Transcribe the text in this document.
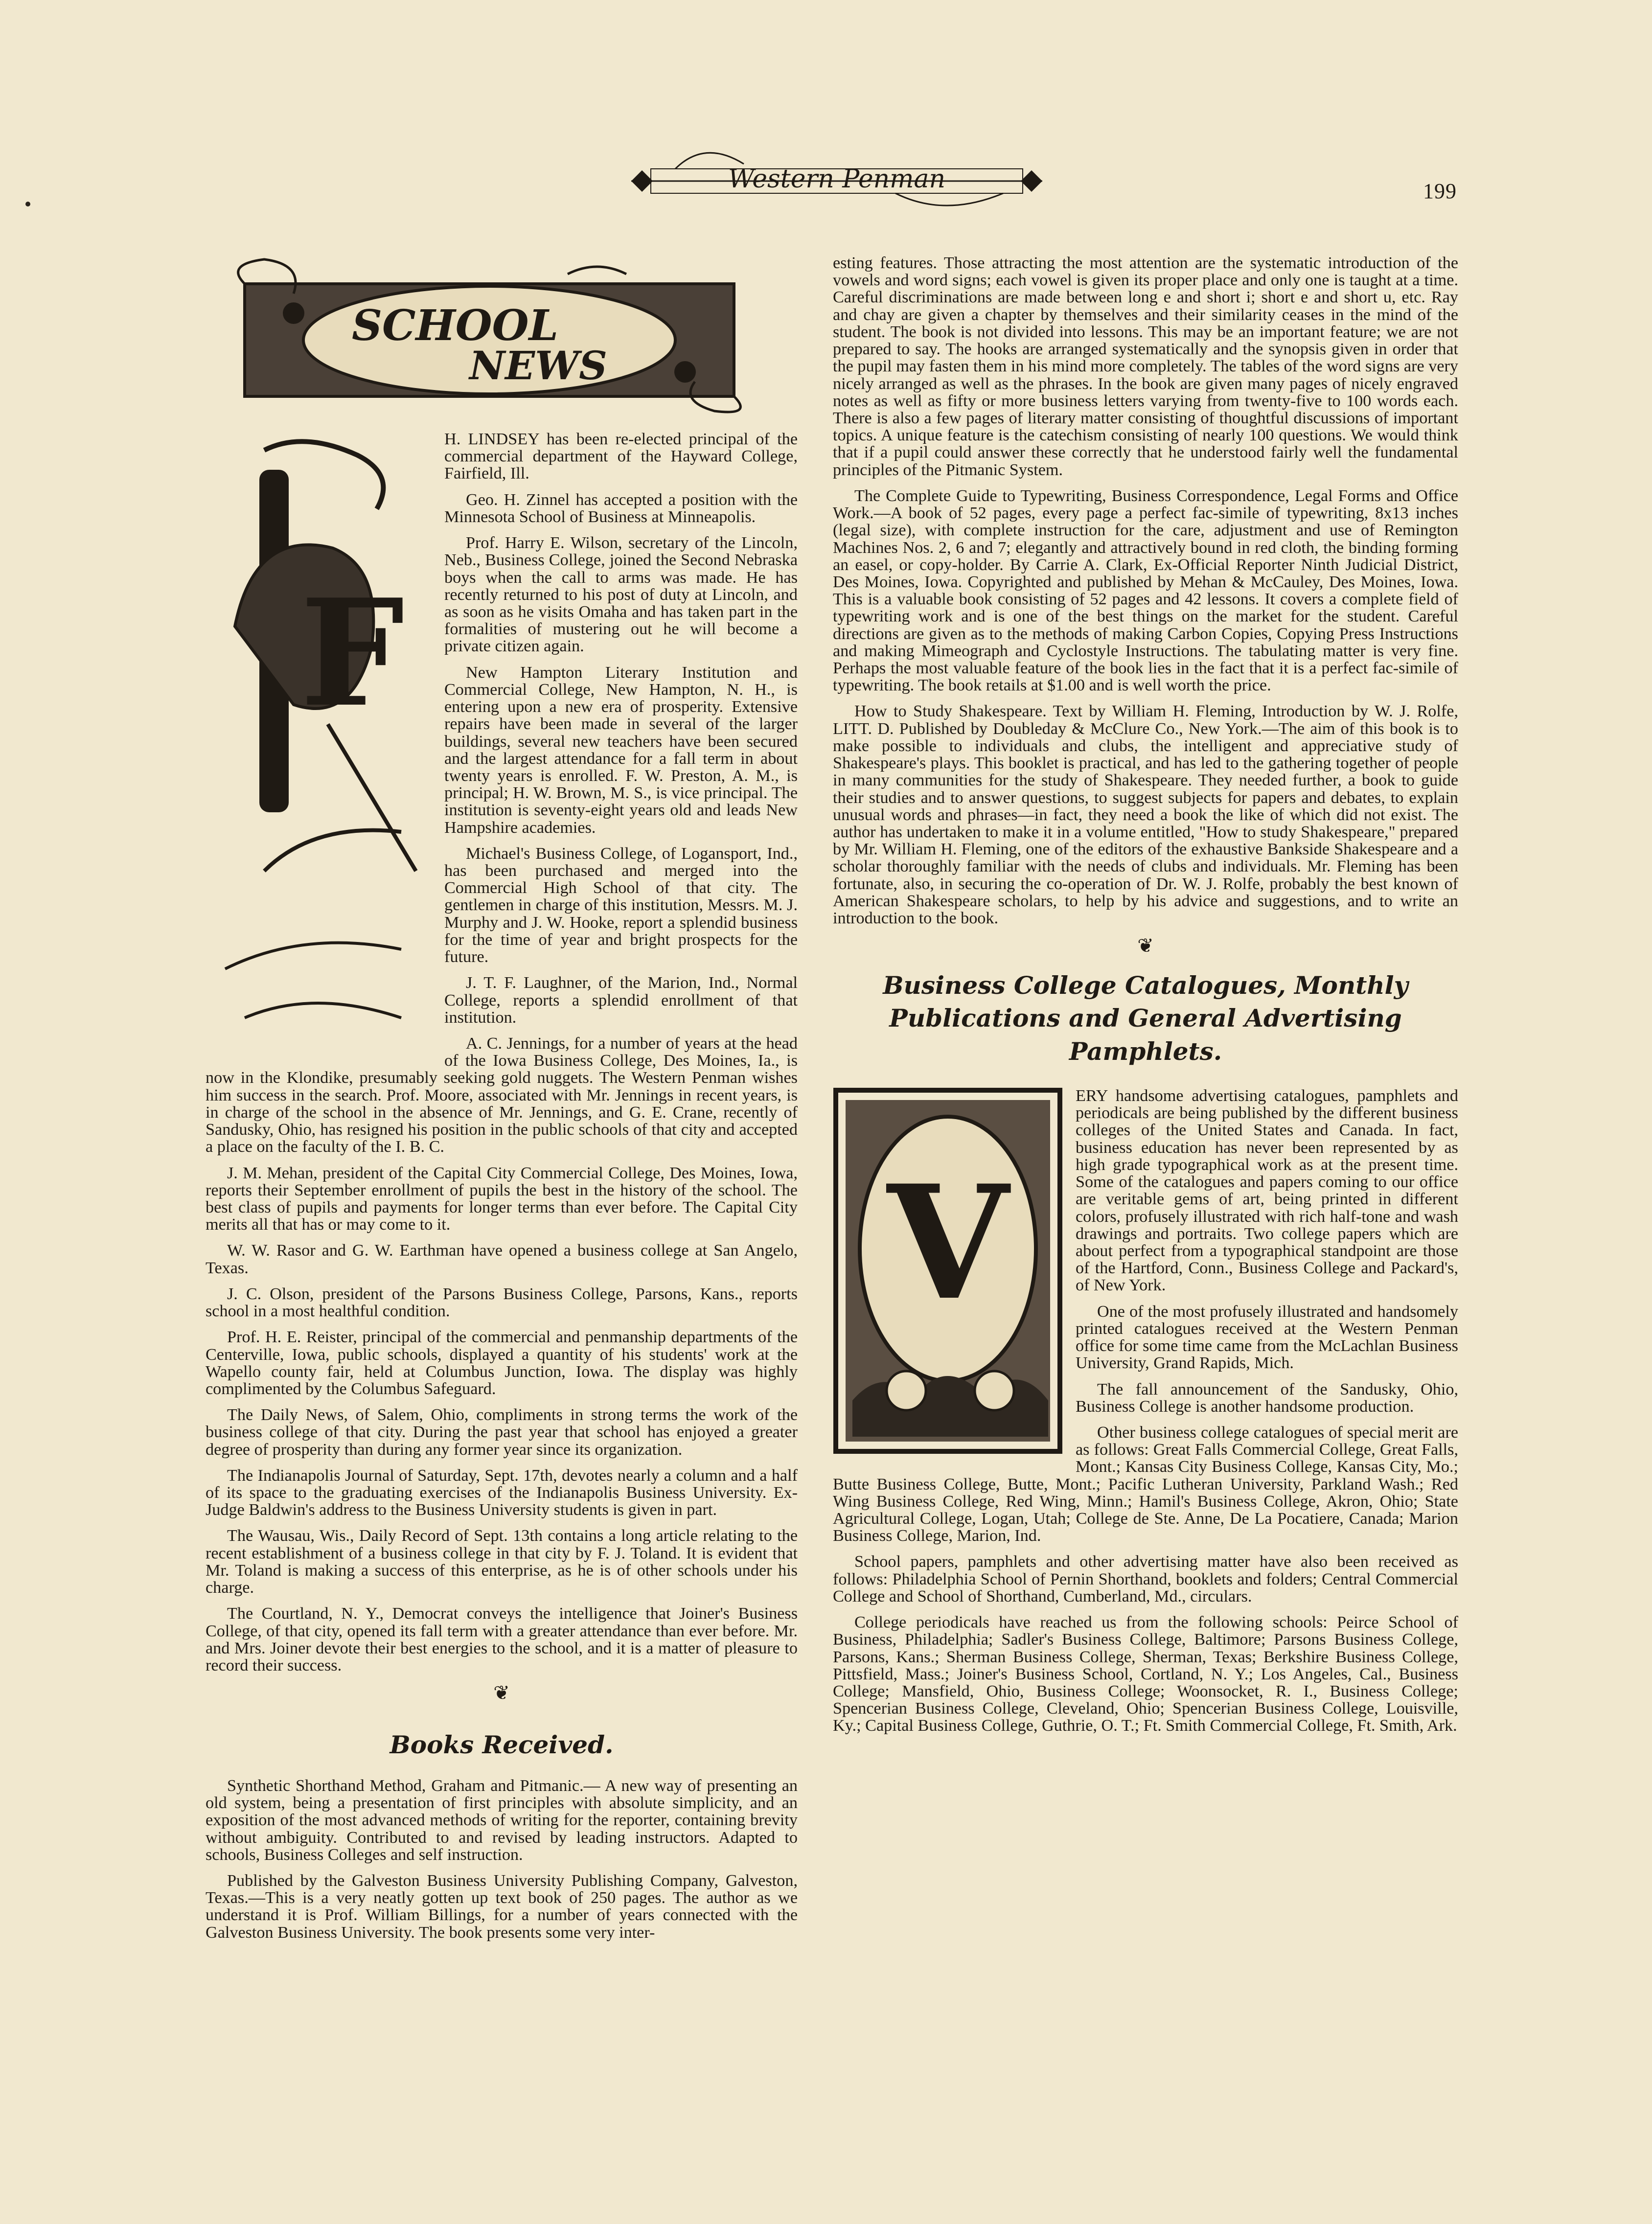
Western Penman	199
SCHOOL
NEWS
F

H. LINDSEY has been re-elected principal of the commercial department of the Hayward College, Fairfield, Ill.

Geo. H. Zinnel has accepted a position with the Minnesota School of Business at Minneapolis.

Prof. Harry E. Wilson, secretary of the Lincoln, Neb., Business College, joined the Second Nebraska boys when the call to arms was made. He has recently returned to his post of duty at Lincoln, and as soon as he visits Omaha and has taken part in the formalities of mustering out he will become a private citizen again.

New Hampton Literary Institution and Commercial College, New Hampton, N. H., is entering upon a new era of prosperity. Extensive repairs have been made in several of the larger buildings, several new teachers have been secured and the largest attendance for a fall term in about twenty years is enrolled. F. W. Preston, A. M., is principal; H. W. Brown, M. S., is vice principal. The institution is seventy-eight years old and leads New Hampshire academies.

Michael's Business College, of Logansport, Ind., has been purchased and merged into the Commercial High School of that city. The gentlemen in charge of this institution, Messrs. M. J. Murphy and J. W. Hooke, report a splendid business for the time of year and bright prospects for the future.

J. T. F. Laughner, of the Marion, Ind., Normal College, reports a splendid enrollment of that institution.

A. C. Jennings, for a number of years at the head of the Iowa Business College, Des Moines, Ia., is now in the Klondike, presumably seeking gold nuggets. The Western Penman wishes him success in the search. Prof. Moore, associated with Mr. Jennings in recent years, is in charge of the school in the absence of Mr. Jennings, and G. E. Crane, recently of Sandusky, Ohio, has resigned his position in the public schools of that city and accepted a place on the faculty of the I. B. C.

J. M. Mehan, president of the Capital City Commercial College, Des Moines, Iowa, reports their September enrollment of pupils the best in the history of the school. The best class of pupils and payments for longer terms than ever before. The Capital City merits all that has or may come to it.

W. W. Rasor and G. W. Earthman have opened a business college at San Angelo, Texas.

J. C. Olson, president of the Parsons Business College, Parsons, Kans., reports school in a most healthful condition.

Prof. H. E. Reister, principal of the commercial and penmanship departments of the Centerville, Iowa, public schools, displayed a quantity of his students' work at the Wapello county fair, held at Columbus Junction, Iowa. The display was highly complimented by the Columbus Safeguard.

The Daily News, of Salem, Ohio, compliments in strong terms the work of the business college of that city. During the past year that school has enjoyed a greater degree of prosperity than during any former year since its organization.

The Indianapolis Journal of Saturday, Sept. 17th, devotes nearly a column and a half of its space to the graduating exercises of the Indianapolis Business University. Ex-Judge Baldwin's address to the Business University students is given in part.

The Wausau, Wis., Daily Record of Sept. 13th contains a long article relating to the recent establishment of a business college in that city by F. J. Toland. It is evident that Mr. Toland is making a success of this enterprise, as he is of other schools under his charge.

The Courtland, N. Y., Democrat conveys the intelligence that Joiner's Business College, of that city, opened its fall term with a greater attendance than ever before. Mr. and Mrs. Joiner devote their best energies to the school, and it is a matter of pleasure to record their success.

❦
Books Received.

Synthetic Shorthand Method, Graham and Pitmanic.— A new way of presenting an old system, being a presentation of first principles with absolute simplicity, and an exposition of the most advanced methods of writing for the reporter, containing brevity without ambiguity. Contributed to and revised by leading instructors. Adapted to schools, Business Colleges and self instruction.

Published by the Galveston Business University Publishing Company, Galveston, Texas.—This is a very neatly gotten up text book of 250 pages. The author as we understand it is Prof. William Billings, for a number of years connected with the Galveston Business University. The book presents some very inter-

esting features. Those attracting the most attention are the systematic introduction of the vowels and word signs; each vowel is given its proper place and only one is taught at a time. Careful discriminations are made between long e and short i; short e and short u, etc. Ray and chay are given a chapter by themselves and their similarity ceases in the mind of the student. The book is not divided into lessons. This may be an important feature; we are not prepared to say. The hooks are arranged systematically and the synopsis given in order that the pupil may fasten them in his mind more completely. The tables of the word signs are very nicely arranged as well as the phrases. In the book are given many pages of nicely engraved notes as well as fifty or more business letters varying from twenty-five to 100 words each. There is also a few pages of literary matter consisting of thoughtful discussions of important topics. A unique feature is the catechism consisting of nearly 100 questions. We would think that if a pupil could answer these correctly that he understood fairly well the fundamental principles of the Pitmanic System.

The Complete Guide to Typewriting, Business Correspondence, Legal Forms and Office Work.—A book of 52 pages, every page a perfect fac-simile of typewriting, 8x13 inches (legal size), with complete instruction for the care, adjustment and use of Remington Machines Nos. 2, 6 and 7; elegantly and attractively bound in red cloth, the binding forming an easel, or copy-holder. By Carrie A. Clark, Ex-Official Reporter Ninth Judicial District, Des Moines, Iowa. Copyrighted and published by Mehan & McCauley, Des Moines, Iowa. This is a valuable book consisting of 52 pages and 42 lessons. It covers a complete field of typewriting work and is one of the best things on the market for the student. Careful directions are given as to the methods of making Carbon Copies, Copying Press Instructions and making Mimeograph and Cyclostyle Instructions. The tabulating matter is very fine. Perhaps the most valuable feature of the book lies in the fact that it is a perfect fac-simile of typewriting. The book retails at $1.00 and is well worth the price.

How to Study Shakespeare. Text by William H. Fleming, Introduction by W. J. Rolfe, LITT. D. Published by Doubleday & McClure Co., New York.—The aim of this book is to make possible to individuals and clubs, the intelligent and appreciative study of Shakespeare's plays. This booklet is practical, and has led to the gathering together of people in many communities for the study of Shakespeare. They needed further, a book to guide their studies and to answer questions, to suggest subjects for papers and debates, to explain unusual words and phrases—in fact, they need a book the like of which did not exist. The author has undertaken to make it in a volume entitled, "How to study Shakespeare," prepared by Mr. William H. Fleming, one of the editors of the exhaustive Bankside Shakespeare and a scholar thoroughly familiar with the needs of clubs and individuals. Mr. Fleming has been fortunate, also, in securing the co-operation of Dr. W. J. Rolfe, probably the best known of American Shakespeare scholars, to help by his advice and suggestions, and to write an introduction to the book.

❦
Business College Catalogues, Monthly Publications and General Advertising Pamphlets.
V

ERY handsome advertising catalogues, pamphlets and periodicals are being published by the different business colleges of the United States and Canada. In fact, business education has never been represented by as high grade typographical work as at the present time. Some of the catalogues and papers coming to our office are veritable gems of art, being printed in different colors, profusely illustrated with rich half-tone and wash drawings and portraits. Two college papers which are about perfect from a typographical standpoint are those of the Hartford, Conn., Business College and Packard's, of New York.

One of the most profusely illustrated and handsomely printed catalogues received at the Western Penman office for some time came from the McLachlan Business University, Grand Rapids, Mich.

The fall announcement of the Sandusky, Ohio, Business College is another handsome production.

Other business college catalogues of special merit are as follows: Great Falls Commercial College, Great Falls, Mont.; Kansas City Business College, Kansas City, Mo.; Butte Business College, Butte, Mont.; Pacific Lutheran University, Parkland Wash.; Red Wing Business College, Red Wing, Minn.; Hamil's Business College, Akron, Ohio; State Agricultural College, Logan, Utah; College de Ste. Anne, De La Pocatiere, Canada; Marion Business College, Marion, Ind.

School papers, pamphlets and other advertising matter have also been received as follows: Philadelphia School of Pernin Shorthand, booklets and folders; Central Commercial College and School of Shorthand, Cumberland, Md., circulars.

College periodicals have reached us from the following schools: Peirce School of Business, Philadelphia; Sadler's Business College, Baltimore; Parsons Business College, Parsons, Kans.; Sherman Business College, Sherman, Texas; Berkshire Business College, Pittsfield, Mass.; Joiner's Business School, Cortland, N. Y.; Los Angeles, Cal., Business College; Mansfield, Ohio, Business College; Woonsocket, R. I., Business College; Spencerian Business College, Cleveland, Ohio; Spencerian Business College, Louisville, Ky.; Capital Business College, Guthrie, O. T.; Ft. Smith Commercial College, Ft. Smith, Ark.
